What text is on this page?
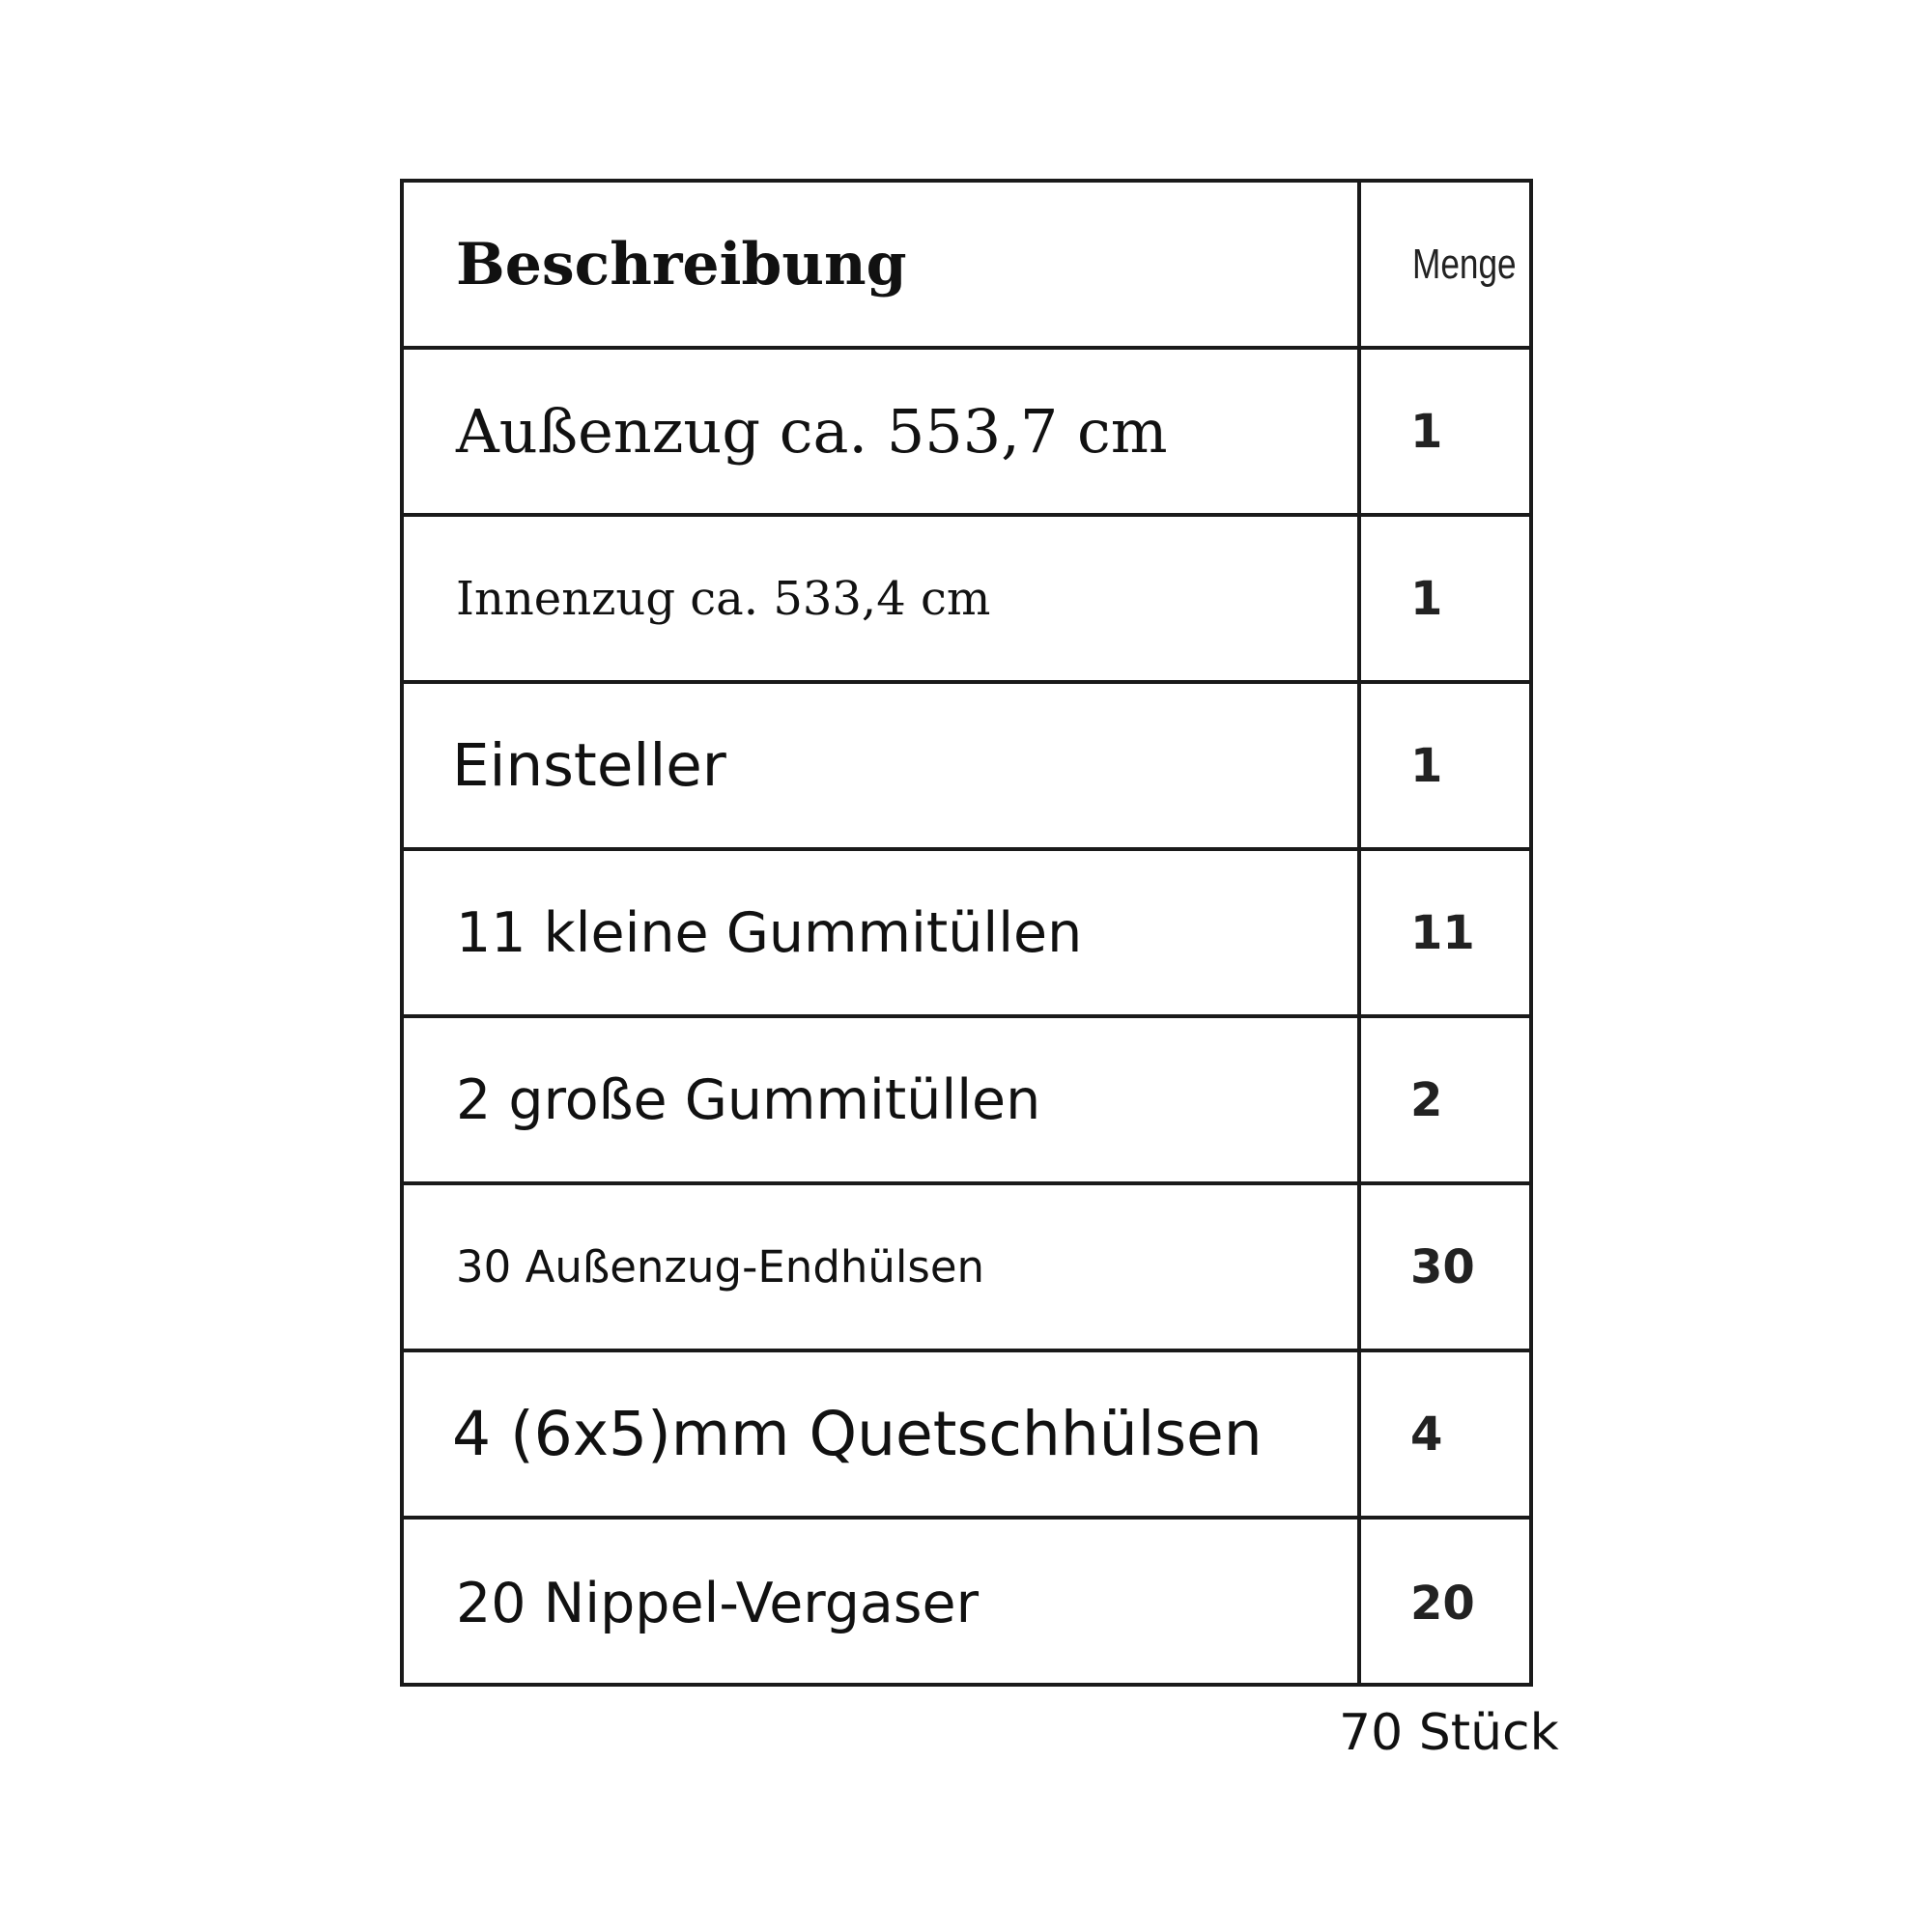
Beschreibung	Menge
Außenzug ca. 553,7 cm	1
Innenzug ca. 533,4 cm	1
Einsteller	1
11 kleine Gummitüllen	11
2 große Gummitüllen	2
30 Außenzug-Endhülsen	30
4 (6x5)mm Quetschhülsen	4
20 Nippel-Vergaser	20
70 Stück
